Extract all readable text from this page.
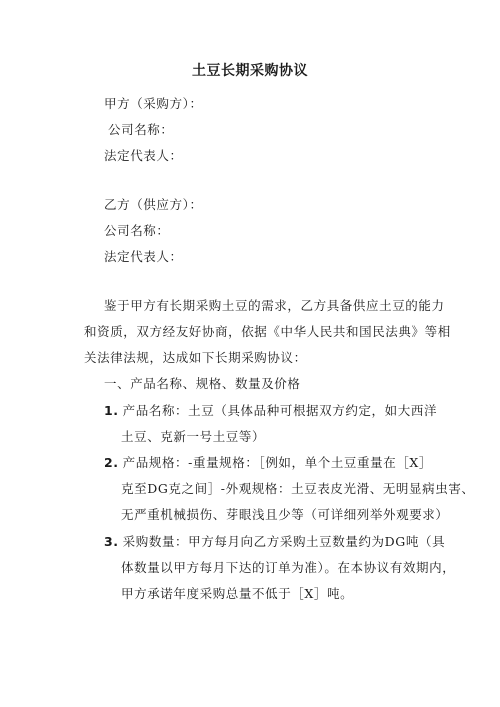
土豆长期采购协议
甲方（采购方）：
公司名称：
法定代表人：
乙方（供应方）：
公司名称：
法定代表人：
鉴于甲方有长期采购土豆的需求，乙方具备供应土豆的能力
和资质，双方经友好协商，依据《中华人民共和国民法典》等相
关法律法规，达成如下长期采购协议：
一、产品名称、规格、数量及价格
1. 产品名称：土豆（具体品种可根据双方约定，如大西洋
土豆、克新一号土豆等）
2. 产品规格：-重量规格：［例如，单个土豆重量在［X］
克至DG克之间］-外观规格：土豆表皮光滑、无明显病虫害、
无严重机械损伤、芽眼浅且少等（可详细列举外观要求）
3. 采购数量：甲方每月向乙方采购土豆数量约为DG吨（具
体数量以甲方每月下达的订单为准）。在本协议有效期内，
甲方承诺年度采购总量不低于［X］吨。
